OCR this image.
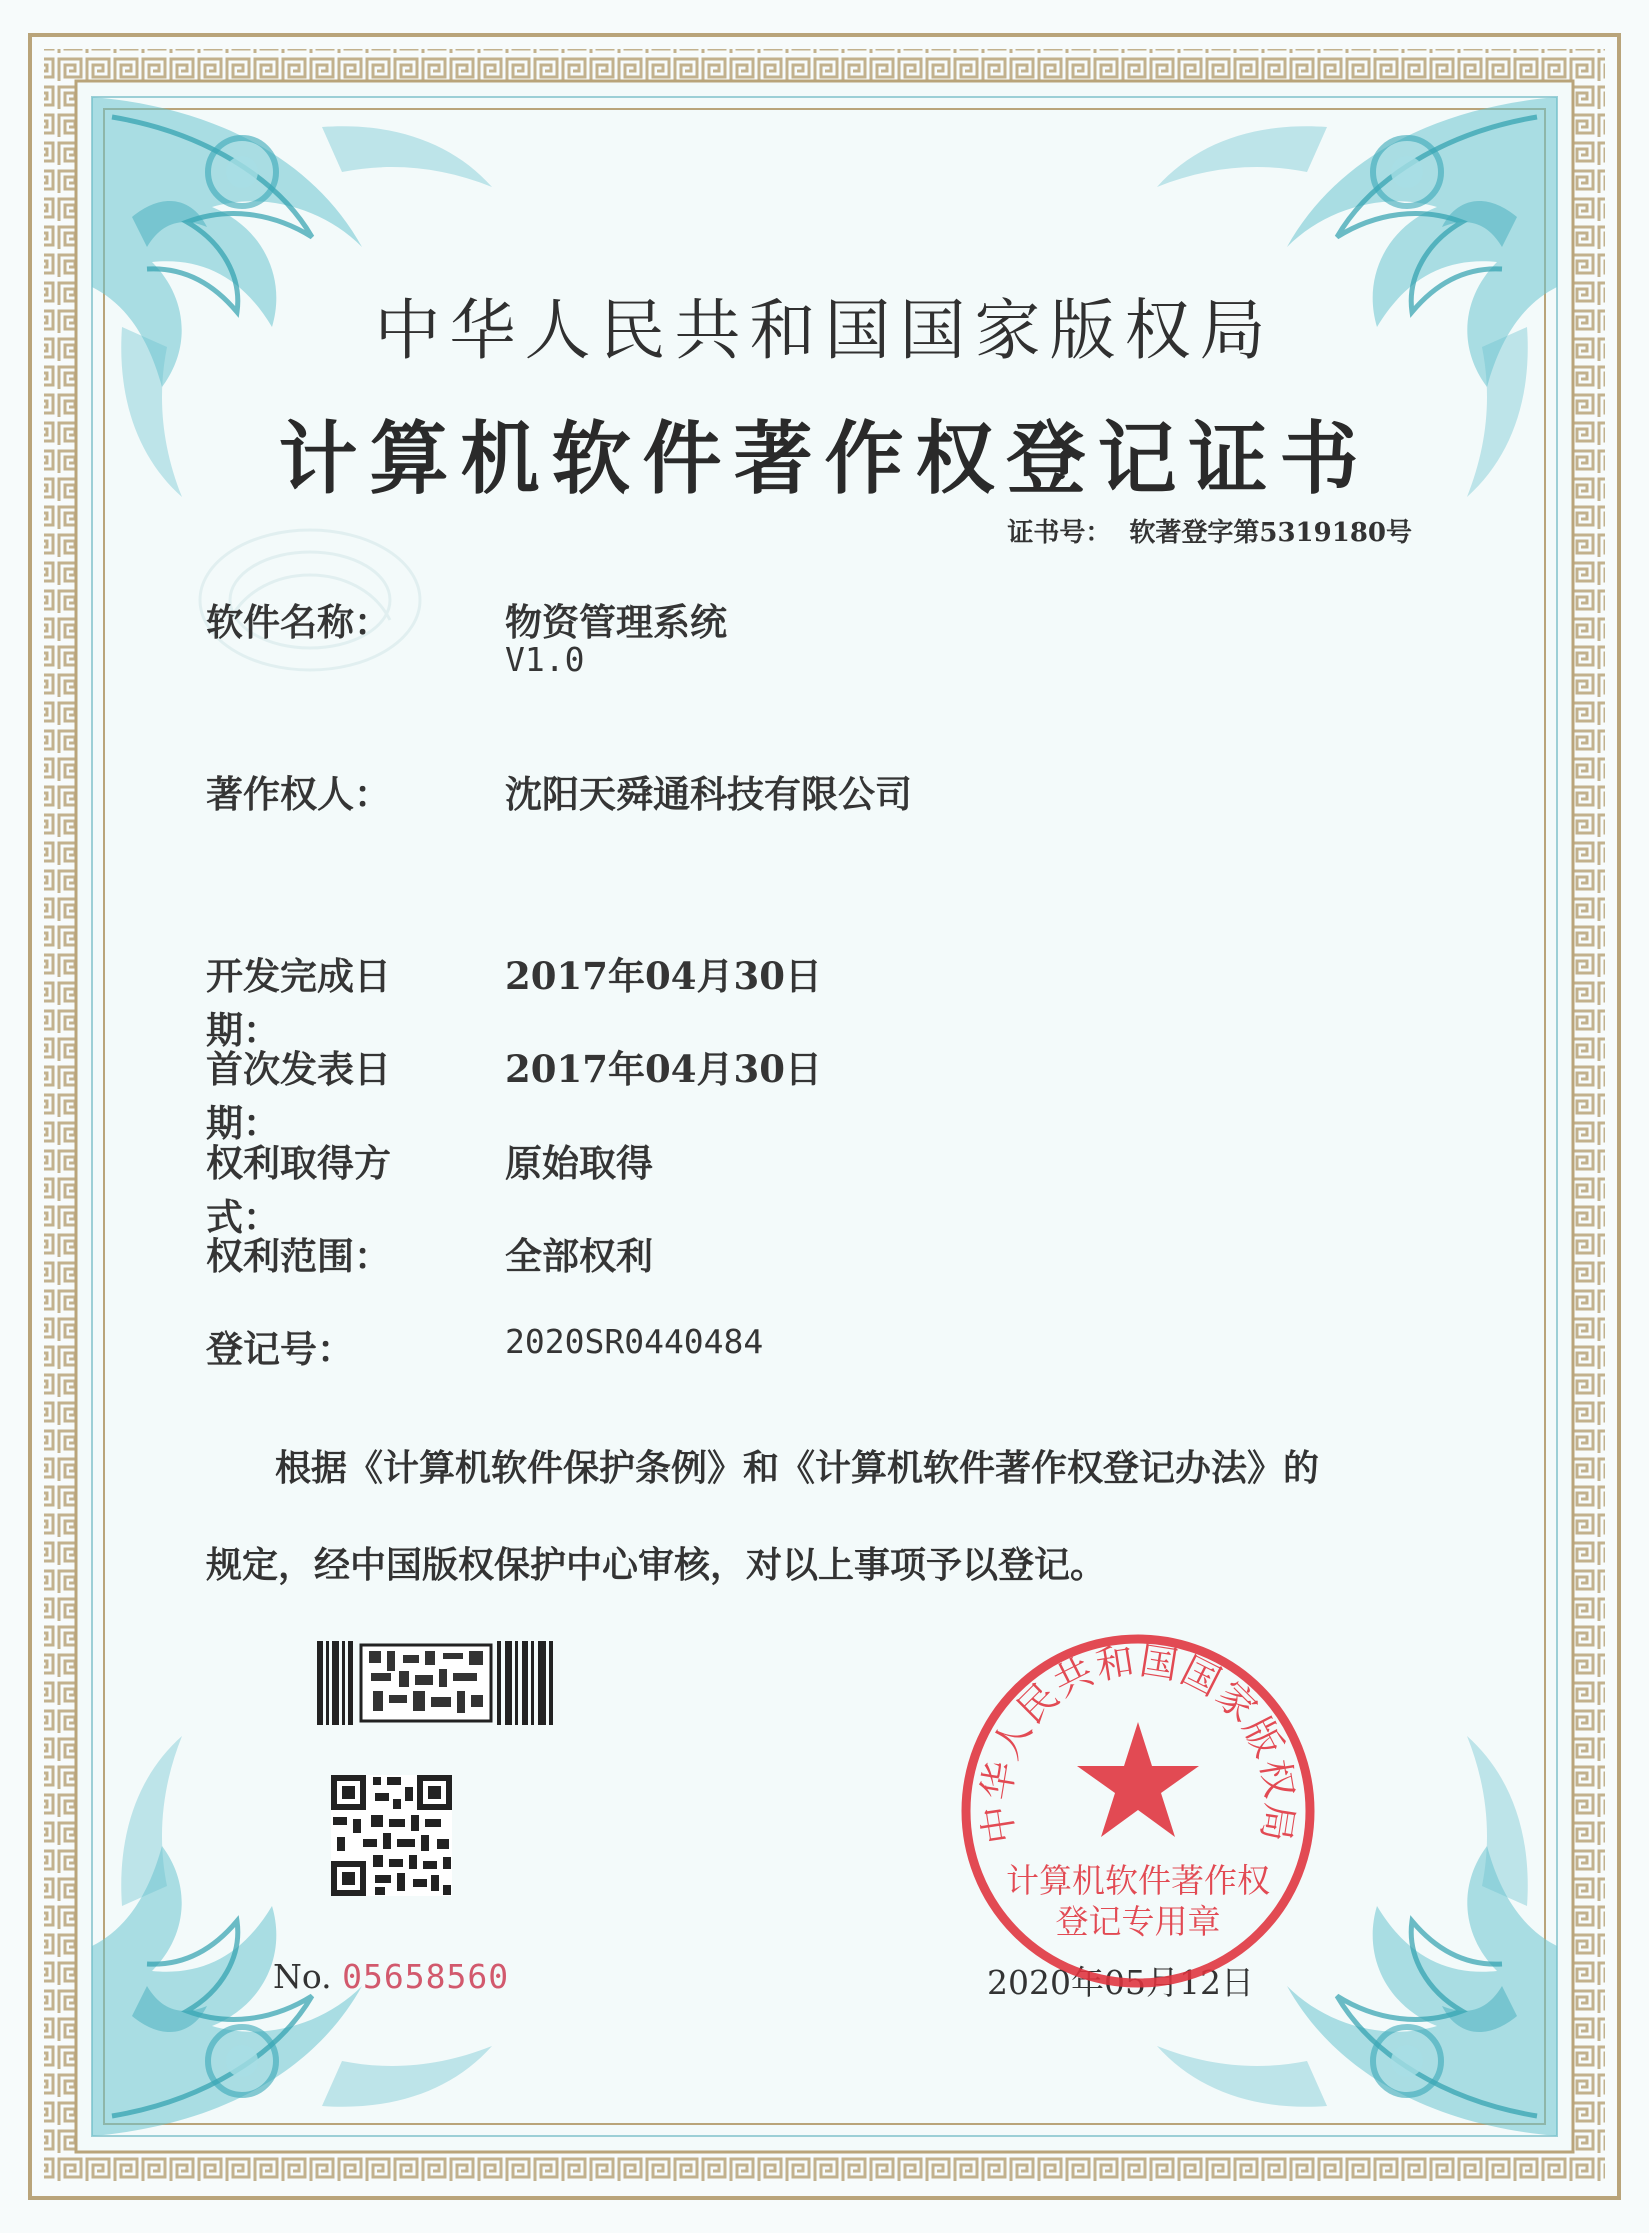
中华人民共和国国家版权局
计算机软件著作权登记证书
证书号： 软著登字第5319180号
软件名称：	物资管理系统
V1.0
著作权人：	沈阳天舜通科技有限公司
开发完成日期：
2017年04月30日
首次发表日期：
2017年04月30日
权利取得方式：
原始取得
权利范围：	全部权利
登记号：	2020SR0440484
根据《计算机软件保护条例》和《计算机软件著作权登记办法》的
规定，经中国版权保护中心审核，对以上事项予以登记。
No. 05658560	2020年05月12日
中华人民共和国国家版权局
计算机软件著作权
登记专用章
